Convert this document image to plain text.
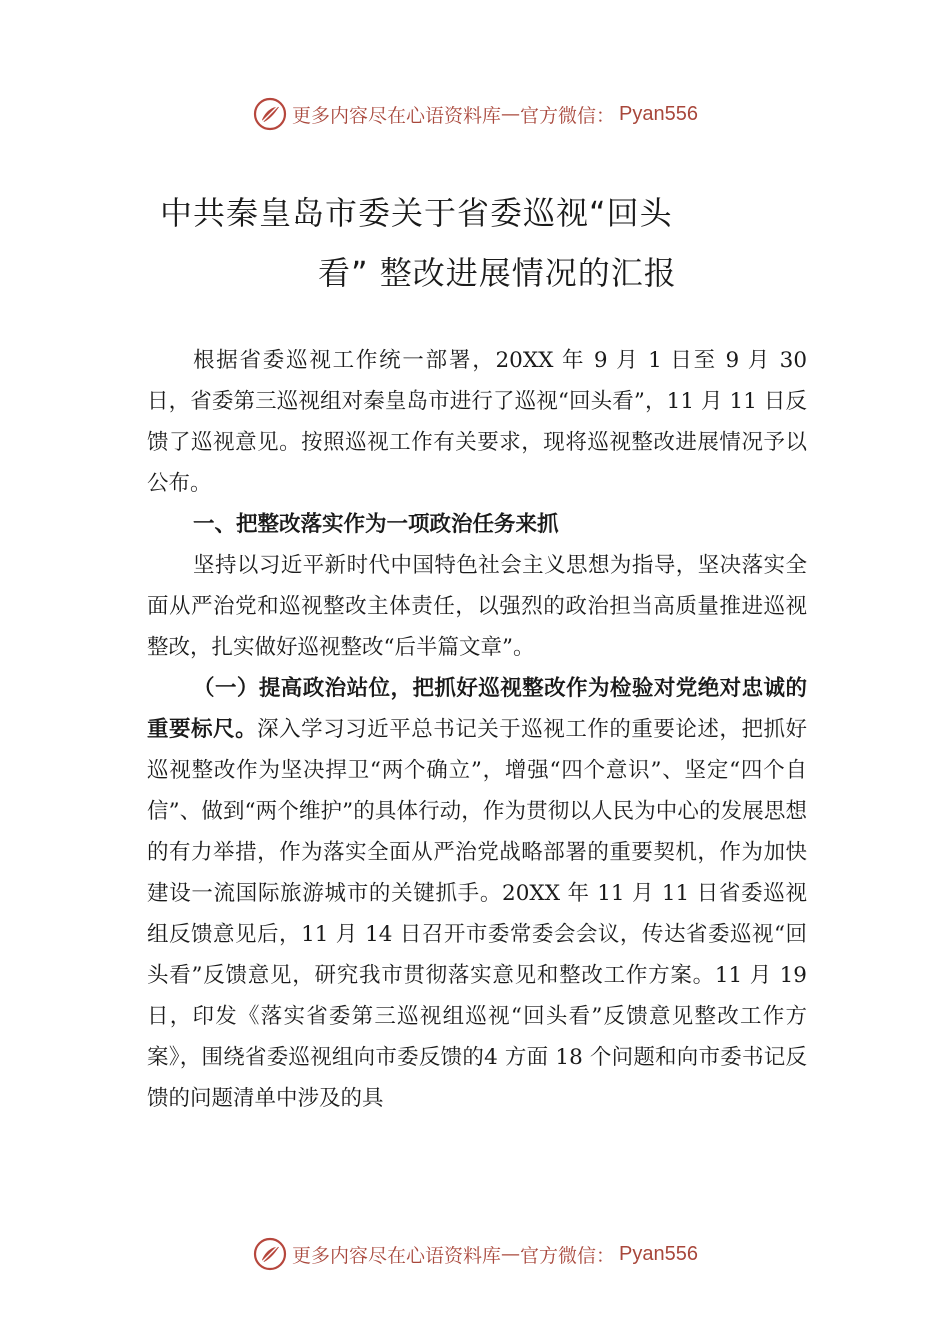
更多内容尽在心语资料库 — 官方微信： Pyan556
中共秦皇岛市委关于省委巡视“回头
看” 整改进展情况的汇报

根据省委巡视工作统一部署，20XX 年 9 月 1 日至 9 月 30 日，省委第三巡视组对秦皇岛市进行了巡视“回头看”，11 月 11 日反馈了巡视意见。按照巡视工作有关要求，现将巡视整改进展情况予以公布。

一、把整改落实作为一项政治任务来抓

坚持以习近平新时代中国特色社会主义思想为指导，坚决落实全面从严治党和巡视整改主体责任，以强烈的政治担当高质量推进巡视整改，扎实做好巡视整改“后半篇文章”。

（一）提高政治站位，把抓好巡视整改作为检验对党绝对忠诚的重要标尺。深入学习习近平总书记关于巡视工作的重要论述，把抓好巡视整改作为坚决捍卫“两个确立”，增强“四个意识”、坚定“四个自信”、做到“两个维护”的具体行动，作为贯彻以人民为中心的发展思想的有力举措，作为落实全面从严治党战略部署的重要契机，作为加快建设一流国际旅游城市的关键抓手。20XX 年 11 月 11 日省委巡视组反馈意见后，11 月 14 日召开市委常委会会议，传达省委巡视“回头看”反馈意见，研究我市贯彻落实意见和整改工作方案。11 月 19 日，印发《落实省委第三巡视组巡视“回头看”反馈意见整改工作方案》，围绕省委巡视组向市委反馈的4 方面 18 个问题和向市委书记反馈的问题清单中涉及的具

更多内容尽在心语资料库 — 官方微信： Pyan556
